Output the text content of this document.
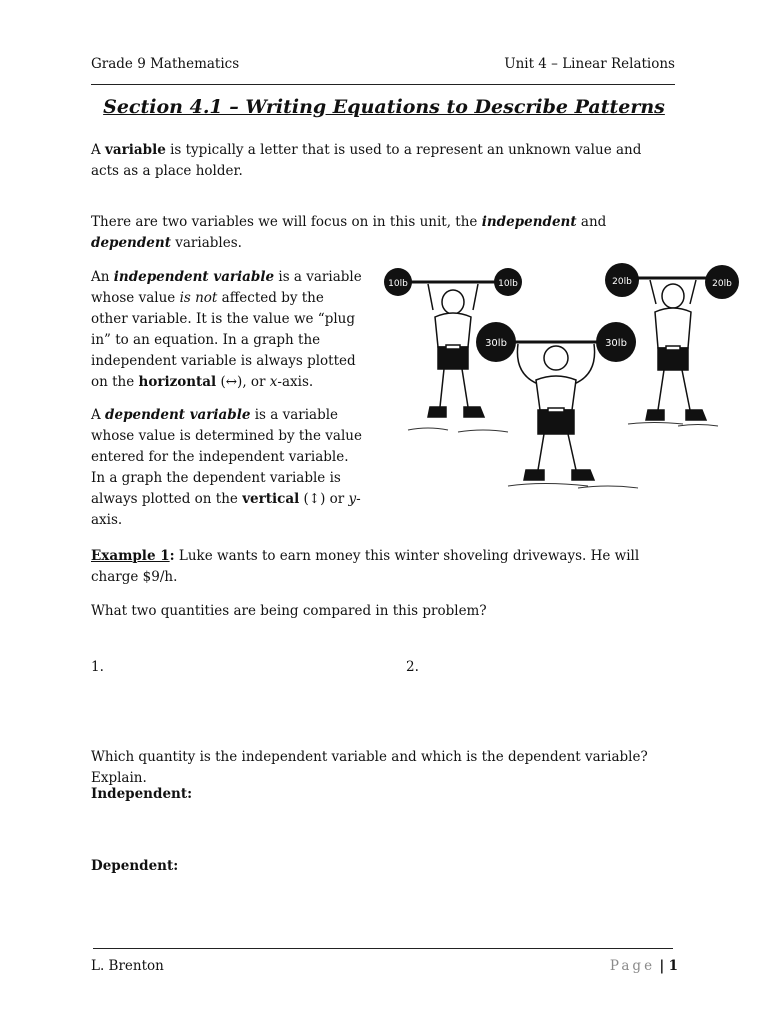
Grade 9 Mathematics	Unit 4 – Linear Relations
Section 4.1 – Writing Equations to Describe Patterns
A variable is typically a letter that is used to a represent an unknown value and acts as a place holder.
There are two variables we will focus on in this unit, the independent and dependent variables.
An independent variable is a variable whose value is not affected by the other variable. It is the value we “plug in” to an equation. In a graph the independent variable is always plotted on the horizontal (↔), or x-axis.
A dependent variable is a variable whose value is determined by the value entered for the independent variable. In a graph the dependent variable is always plotted on the vertical (↕) or y-axis.
10lb	10lb	20lb	20lb
30lb	30lb
Example 1: Luke wants to earn money this winter shoveling driveways. He will charge $9/h.
What two quantities are being compared in this problem?
1.	2.
Which quantity is the independent variable and which is the dependent variable? Explain.
Independent:
Dependent:
L. Brenton	Page | 1
